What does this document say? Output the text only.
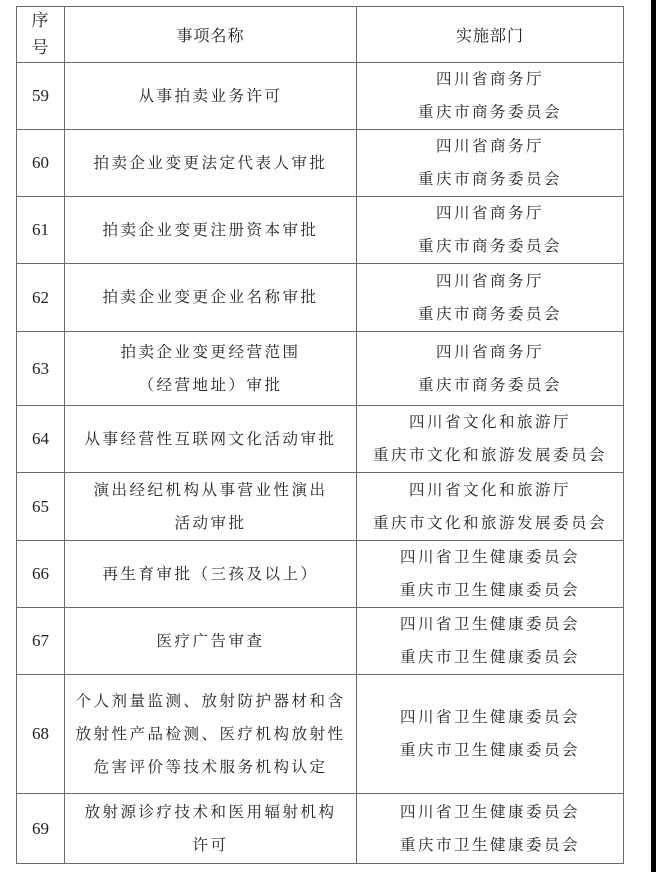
序
号	事项名称	实施部门
59	从事拍卖业务许可	四川省商务厅
重庆市商务委员会

60	拍卖企业变更法定代表人审批	四川省商务厅
重庆市商务委员会

61	拍卖企业变更注册资本审批	四川省商务厅
重庆市商务委员会

62	拍卖企业变更企业名称审批	四川省商务厅
重庆市商务委员会

63	拍卖企业变更经营范围
（经营地址）审批	四川省商务厅
重庆市商务委员会

64	从事经营性互联网文化活动审批	四川省文化和旅游厅
重庆市文化和旅游发展委员会

65	演出经纪机构从事营业性演出
活动审批	四川省文化和旅游厅
重庆市文化和旅游发展委员会

66	再生育审批（三孩及以上）	四川省卫生健康委员会
重庆市卫生健康委员会

67	医疗广告审查	四川省卫生健康委员会
重庆市卫生健康委员会

68	个人剂量监测、放射防护器材和含
放射性产品检测、医疗机构放射性
危害评价等技术服务机构认定	四川省卫生健康委员会
重庆市卫生健康委员会

69	放射源诊疗技术和医用辐射机构
许可	四川省卫生健康委员会
重庆市卫生健康委员会
